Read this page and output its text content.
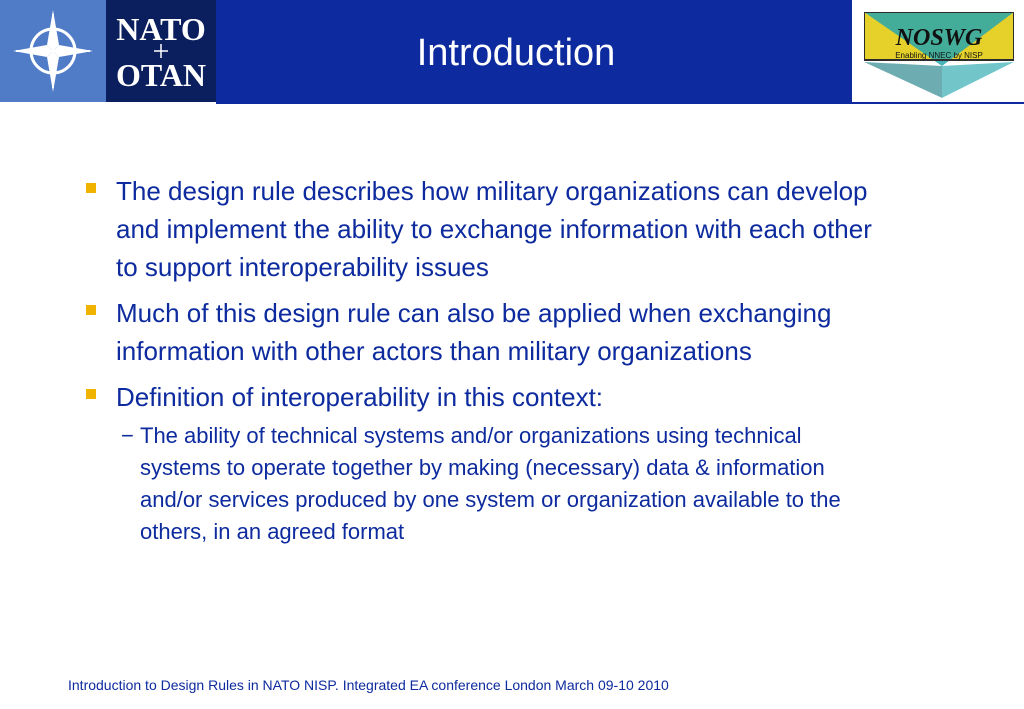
NATO
OTAN
Introduction	NOSWG
Enabling NNEC by NISP
The design rule describes how military organizations can develop and implement the ability to exchange information with each other to support interoperability issues
Much of this design rule can also be applied when exchanging information with other actors than military organizations
Definition of interoperability in this context:
− The ability of technical systems and/or organizations using technical systems to operate together by making (necessary) data & information and/or services produced by one system or organization available to the others, in an agreed format
Introduction to Design Rules in NATO NISP. Integrated EA conference London March 09-10 2010
